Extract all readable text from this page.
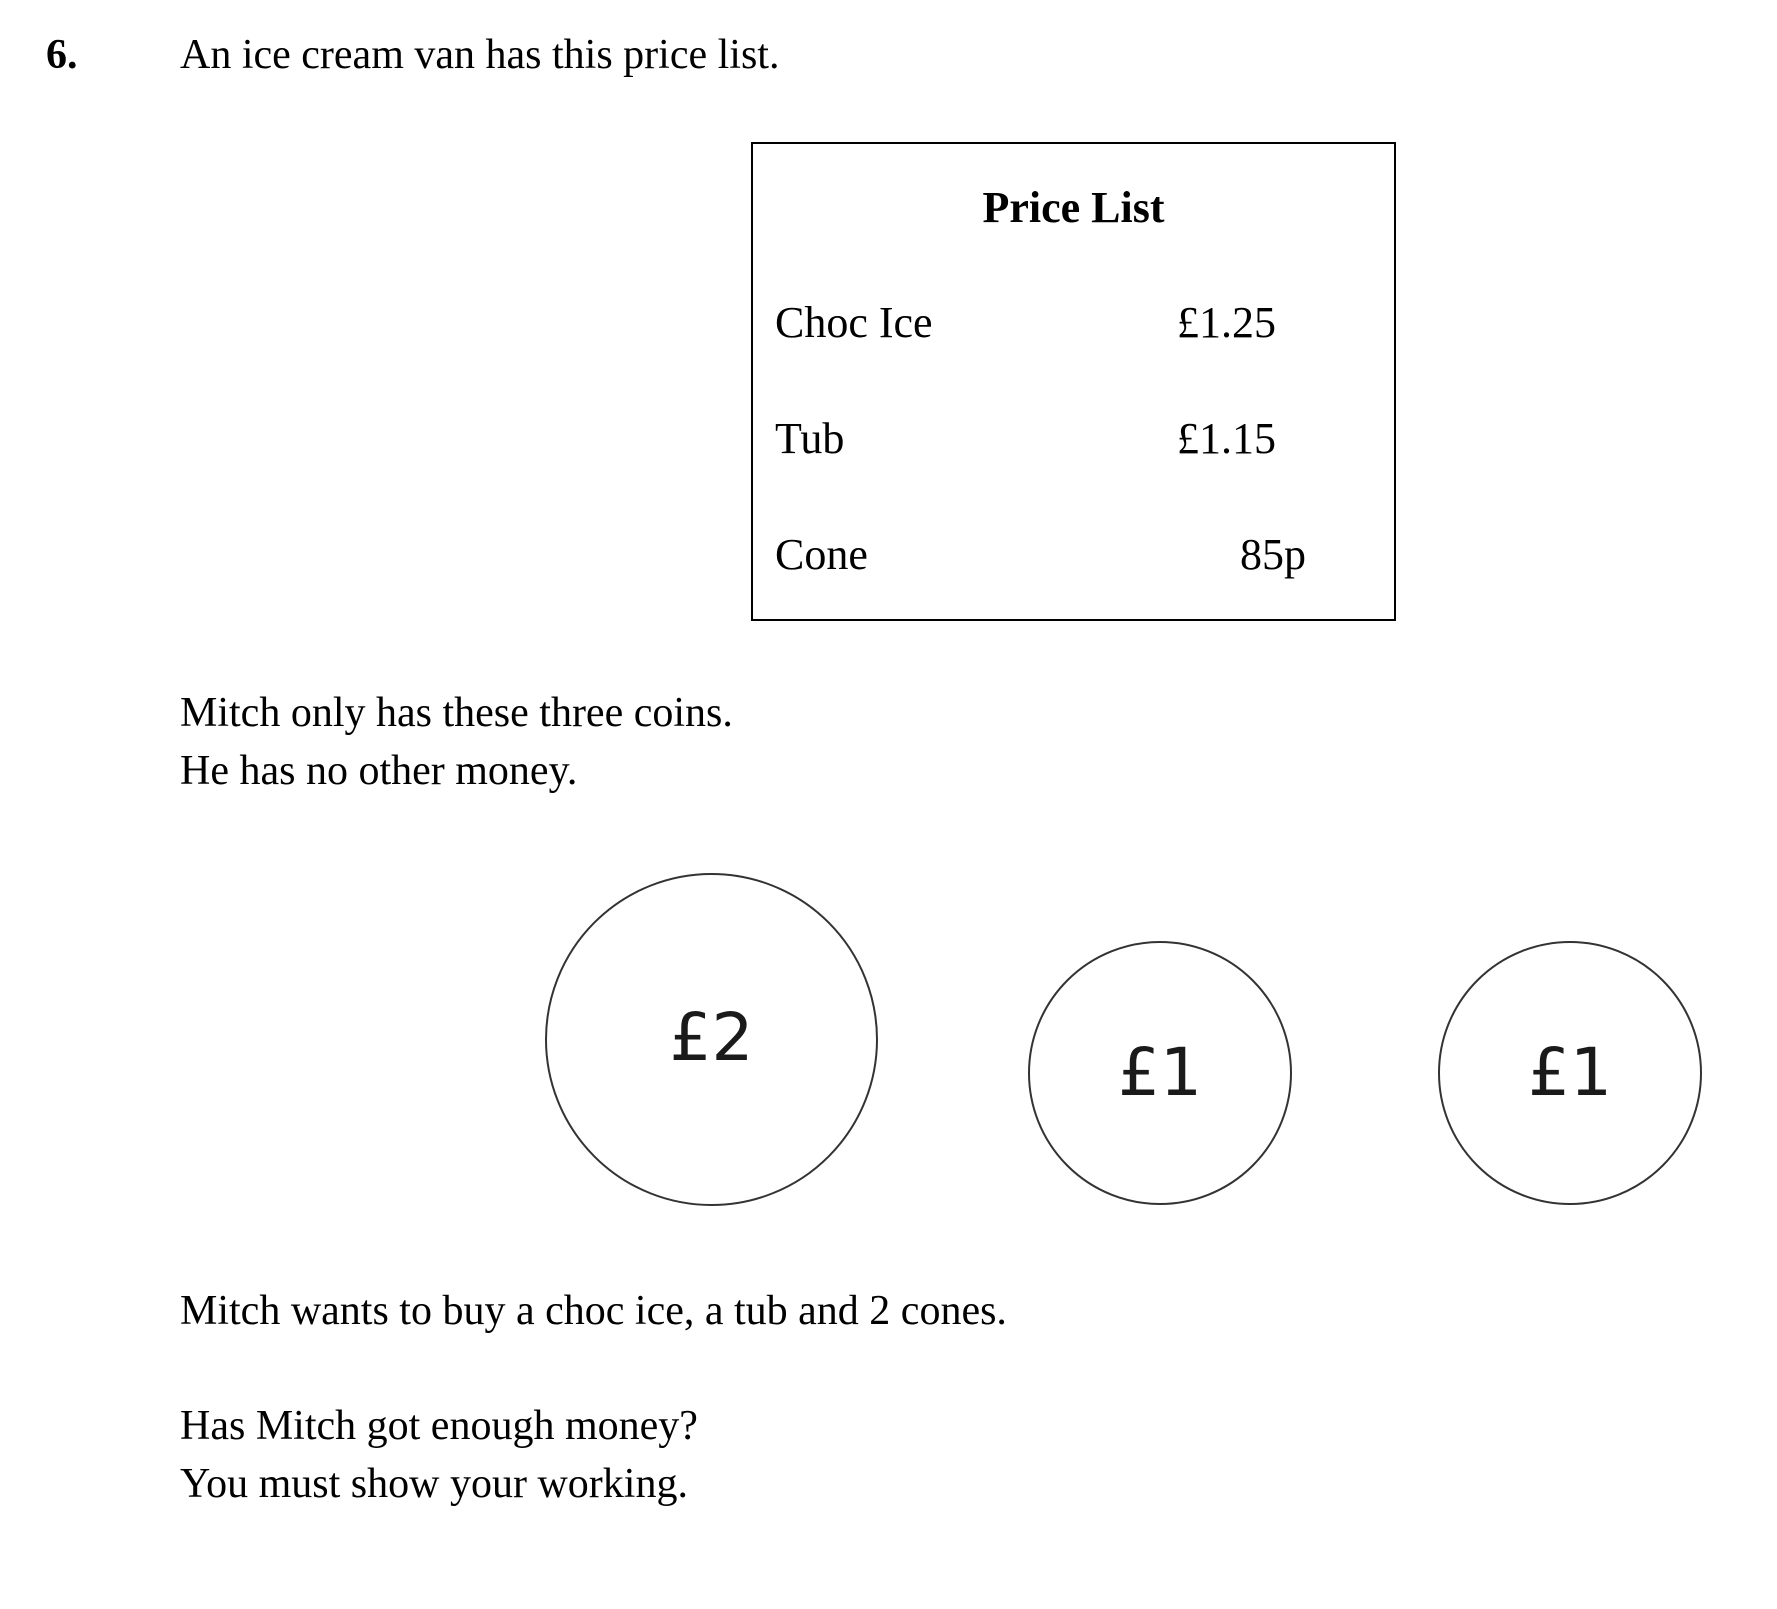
6. An ice cream van has this price list.
Price List
Choc Ice	£1.25
Tub	£1.15
Cone	85p
Mitch only has these three coins.
He has no other money.
£2	£1	£1
Mitch wants to buy a choc ice, a tub and 2 cones.
Has Mitch got enough money?
You must show your working.
